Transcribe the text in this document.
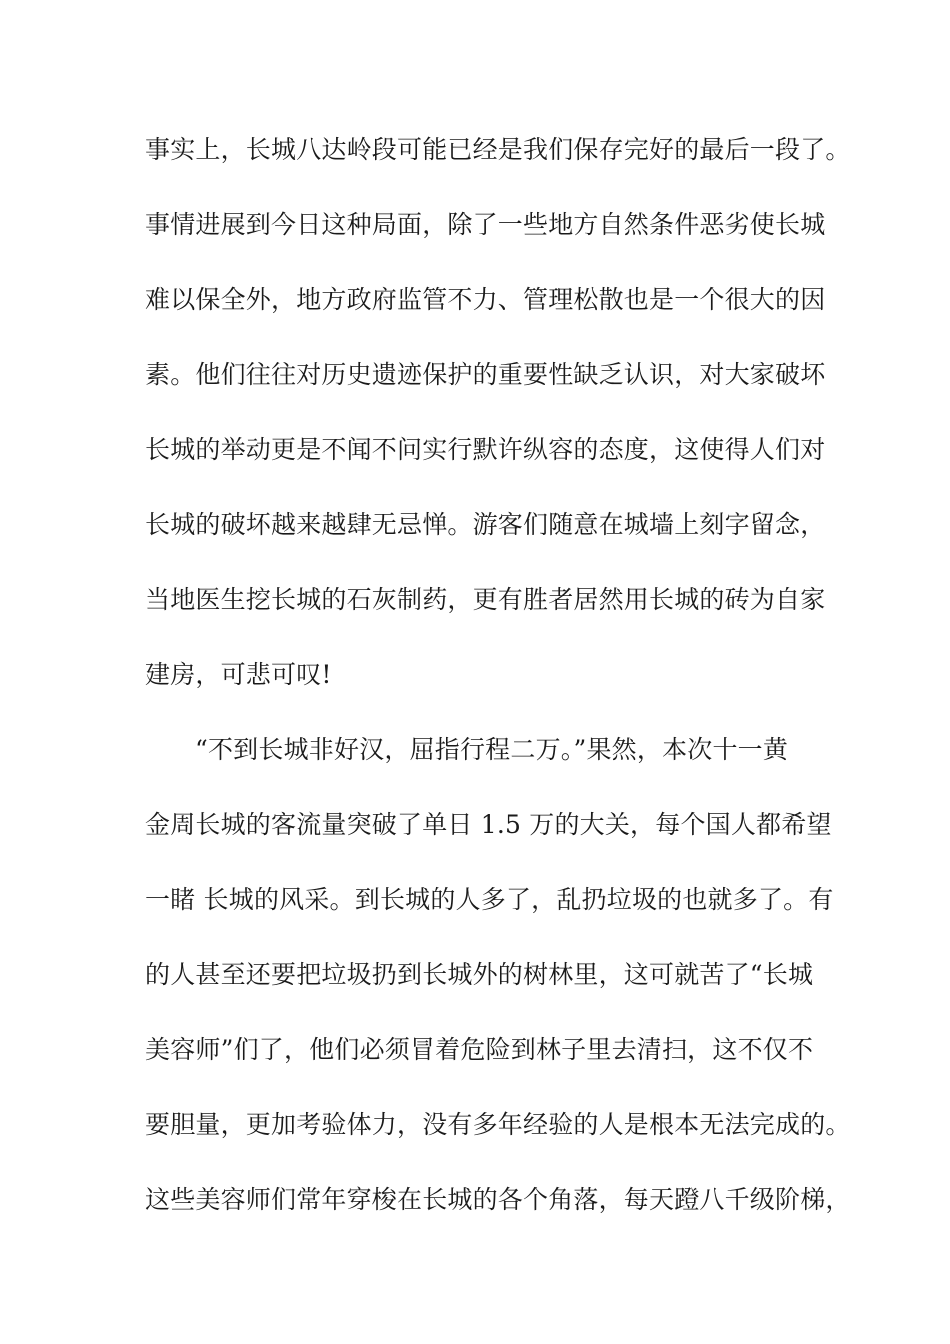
事实上，长城八达岭段可能已经是我们保存完好的最后一段了。
事情进展到今日这种局面，除了一些地方自然条件恶劣使长城
难以保全外，地方政府监管不力、管理松散也是一个很大的因
素。他们往往对历史遗迹保护的重要性缺乏认识，对大家破坏
长城的举动更是不闻不问实行默许纵容的态度，这使得人们对
长城的破坏越来越肆无忌惮。游客们随意在城墙上刻字留念，
当地医生挖长城的石灰制药，更有胜者居然用长城的砖为自家
建房，可悲可叹!
“不到长城非好汉，屈指行程二万。”果然，本次十一黄
金周长城的客流量突破了单日 1.5 万的大关，每个国人都希望
一睹 长城的风采。到长城的人多了，乱扔垃圾的也就多了。有
的人甚至还要把垃圾扔到长城外的树林里，这可就苦了“长城
美容师”们了，他们必须冒着危险到林子里去清扫，这不仅不
要胆量，更加考验体力，没有多年经验的人是根本无法完成的。
这些美容师们常年穿梭在长城的各个角落，每天蹬八千级阶梯，
